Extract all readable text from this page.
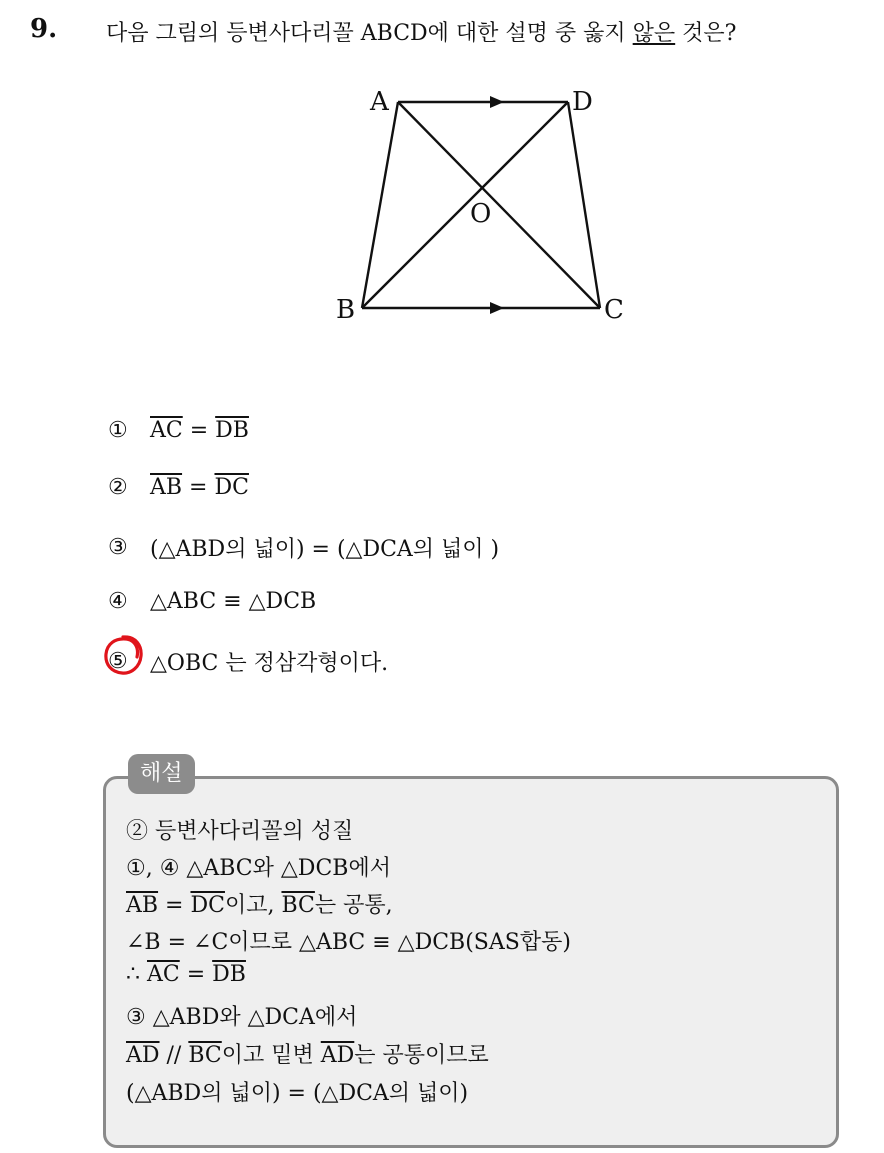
9. 다음 그림의 등변사다리꼴 ABCD에 대한 설명 중 옳지 않은 것은?
A	D
O
B	C
①	$\overline{AC} = \overline{DB}$
②	$\overline{AB} = \overline{DC}$
③	(△ABD의 넓이) = (△DCA의 넓이 )
④	△ABC ≡ △DCB
⑤	△OBC 는 정삼각형이다.
해설
② 등변사다리꼴의 성질
①, ④ △ABC와 △DCB에서
$\overline{AB} = \overline{DC}$이고, $\overline{BC}$는 공통,
∠B = ∠C이므로 △ABC ≡ △DCB(SAS합동)
∴ $\overline{AC} = \overline{DB}$
③ △ABD와 △DCA에서
$\overline{AD} // \overline{BC}$이고 밑변 $\overline{AD}$는 공통이므로
(△ABD의 넓이) = (△DCA의 넓이)
